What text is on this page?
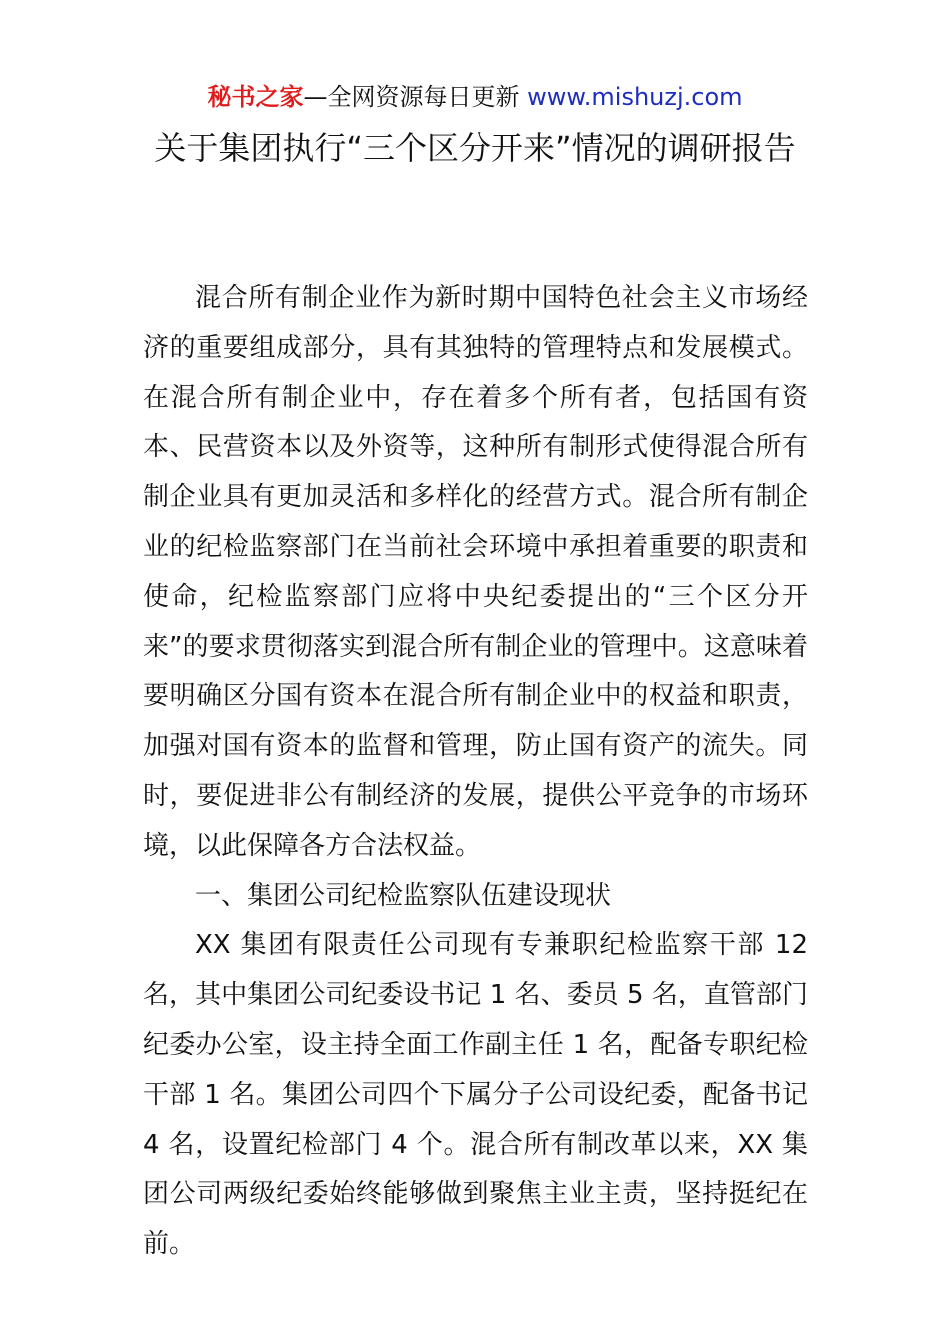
秘书之家—全网资源每日更新 www.mishuzj.com
关于集团执行“三个区分开来”情况的调研报告

混合所有制企业作为新时期中国特色社会主义市场经济的重要组成部分，具有其独特的管理特点和发展模式。在混合所有制企业中，存在着多个所有者，包括国有资本、民营资本以及外资等，这种所有制形式使得混合所有制企业具有更加灵活和多样化的经营方式。混合所有制企业的纪检监察部门在当前社会环境中承担着重要的职责和使命，纪检监察部门应将中央纪委提出的“三个区分开来”的要求贯彻落实到混合所有制企业的管理中。这意味着要明确区分国有资本在混合所有制企业中的权益和职责，加强对国有资本的监督和管理，防止国有资产的流失。同时，要促进非公有制经济的发展，提供公平竞争的市场环境，以此保障各方合法权益。

一、集团公司纪检监察队伍建设现状

XX 集团有限责任公司现有专兼职纪检监察干部 12 名，其中集团公司纪委设书记 1 名、委员 5 名，直管部门纪委办公室，设主持全面工作副主任 1 名，配备专职纪检干部 1 名。集团公司四个下属分子公司设纪委，配备书记 4 名，设置纪检部门 4 个。混合所有制改革以来，XX 集团公司两级纪委始终能够做到聚焦主业主责，坚持挺纪在前。
